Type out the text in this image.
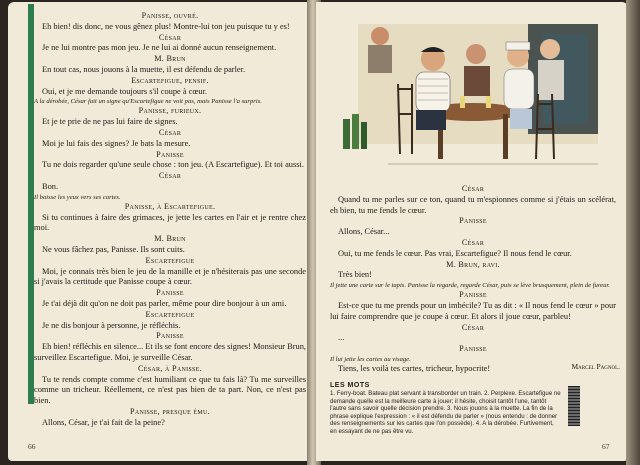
Panisse, ouvré.
Eh bien! dis donc, ne vous gênez plus! Montre-lui ton jeu puisque tu y es!
César
Je ne lui montre pas mon jeu. Je ne lui ai donné aucun renseignement.
M. Brun
En tout cas, nous jouons à la muette, il est défendu de parler.
Escartefigue, pensif.
Oui, et je me demande toujours s'il coupe à cœur.
A la dérobée, César fait un signe qu'Escartefigue ne voit pas, mais Panisse l'a surpris.
Panisse, furieux.
Et je te prie de ne pas lui faire de signes.
César
Moi je lui fais des signes? Je bats la mesure.
Panisse
Tu ne dois regarder qu'une seule chose : ton jeu. (A Escartefigue). Et toi aussi.
César
Bon.
Il baisse les yeux vers ses cartes.
Panisse, à Escartefigue.
Si tu continues à faire des grimaces, je jette les cartes en l'air et je rentre chez moi.
M. Brun
Ne vous fâchez pas, Panisse. Ils sont cuits.
Escartefigue
Moi, je connais très bien le jeu de la manille et je n'hésiterais pas une seconde si j'avais la certitude que Panisse coupe à cœur.
Panisse
Je t'ai déjà dit qu'on ne doit pas parler, même pour dire bonjour à un ami.
Escartefigue
Je ne dis bonjour à personne, je réfléchis.
Panisse
Eh bien! réfléchis en silence... Et ils se font encore des signes! Monsieur Brun, surveillez Escartefigue. Moi, je surveille César.
César, à Panisse.
Tu te rends compte comme c'est humiliant ce que tu fais là? Tu me surveilles comme un tricheur. Réellement, ce n'est pas bien de ta part. Non, ce n'est pas bien.
Panisse, presque ému.
Allons, César, je t'ai fait de la peine?
66
César
Quand tu me parles sur ce ton, quand tu m'espionnes comme si j'étais un scélérat, eh bien, tu me fends le cœur.
Panisse
Allons, César...
César
Oui, tu me fends le cœur. Pas vrai, Escartefigue? Il nous fend le cœur.
M. Brun, ravi.
Très bien!
Il jette une carte sur le tapis. Panisse la regarde, regarde César, puis se lève brusquement, plein de fureur.
Panisse
Est-ce que tu me prends pour un imbécile? Tu as dit : « Il nous fend le cœur » pour lui faire comprendre que je coupe à cœur. Et alors il joue cœur, parbleu!
César
...
Panisse
Il lui jette les cartes au visage.
Tiens, les voilà tes cartes, tricheur, hypocrite!	Marcel Pagnol.
LES MOTS
1. Ferry-boat. Bateau plat servant à transborder un train. 2. Perplexe. Escartefigue ne demande quelle est la meilleure carte à jouer; il hésite, choisit tantôt l'une, tantôt l'autre sans savoir quelle décision prendre. 3. Nous jouons à la muette. La fin de la phrase explique l'expression : « il est défendu de parler » (nous entendu : de donner des renseignements sur les cartes que l'on possède). 4. A la dérobée. Furtivement, en essayant de ne pas être vu.
67
